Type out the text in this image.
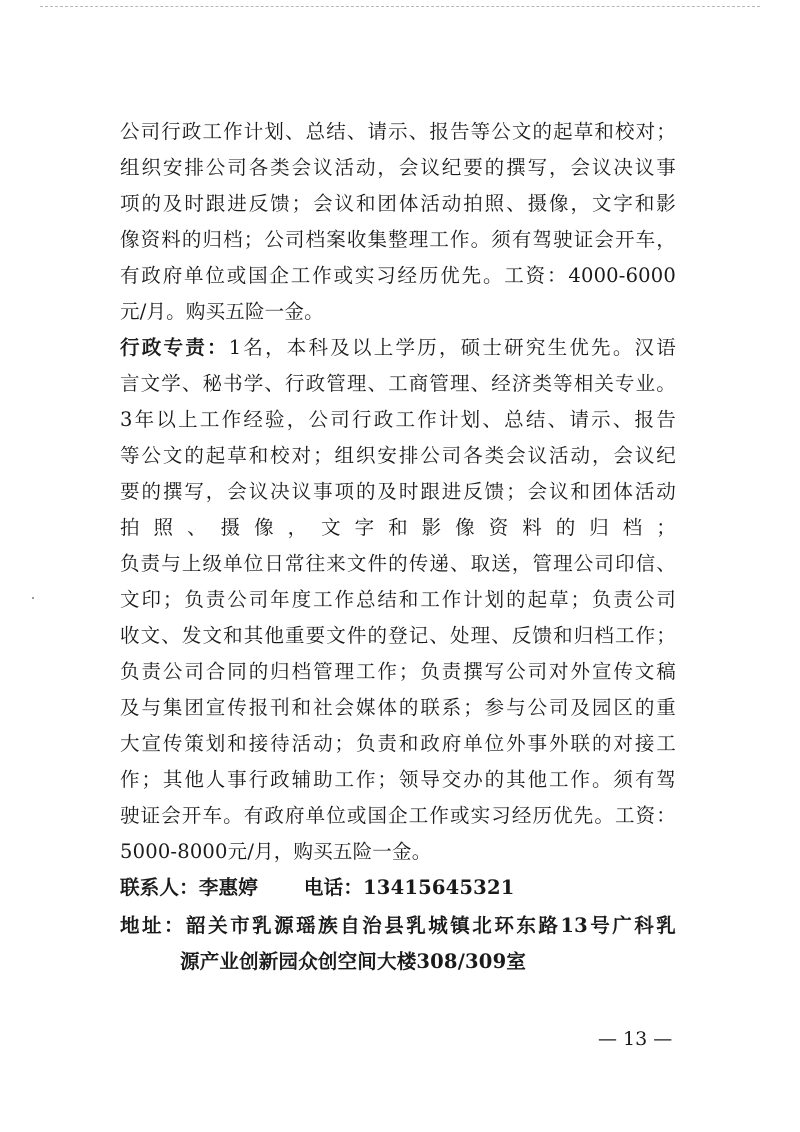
公司行政工作计划、总结、请示、报告等公文的起草和校对；
组织安排公司各类会议活动，会议纪要的撰写，会议决议事
项的及时跟进反馈；会议和团体活动拍照、摄像，文字和影
像资料的归档；公司档案收集整理工作。须有驾驶证会开车，
有政府单位或国企工作或实习经历优先。工资：4000-6000
元/月。购买五险一金。
行政专责：1名，本科及以上学历，硕士研究生优先。汉语
言文学、秘书学、行政管理、工商管理、经济类等相关专业。
3年以上工作经验，公司行政工作计划、总结、请示、报告
等公文的起草和校对；组织安排公司各类会议活动，会议纪
要的撰写，会议决议事项的及时跟进反馈；会议和团体活动
拍照、摄像，文字和影像资料的归档；
负责与上级单位日常往来文件的传递、取送，管理公司印信、
文印；负责公司年度工作总结和工作计划的起草；负责公司
收文、发文和其他重要文件的登记、处理、反馈和归档工作；
负责公司合同的归档管理工作；负责撰写公司对外宣传文稿
及与集团宣传报刊和社会媒体的联系；参与公司及园区的重
大宣传策划和接待活动；负责和政府单位外事外联的对接工
作；其他人事行政辅助工作；领导交办的其他工作。须有驾
驶证会开车。有政府单位或国企工作或实习经历优先。工资：
5000-8000元/月，购买五险一金。
联系人：李惠婷 电话：13415645321
地址：韶关市乳源瑶族自治县乳城镇北环东路13号广科乳
源产业创新园众创空间大楼308/309室
— 13 —
